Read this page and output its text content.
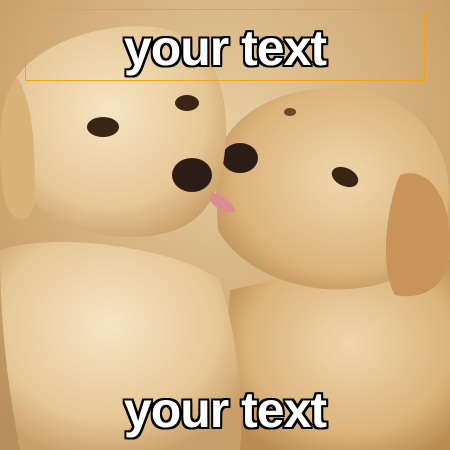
your text
your text
